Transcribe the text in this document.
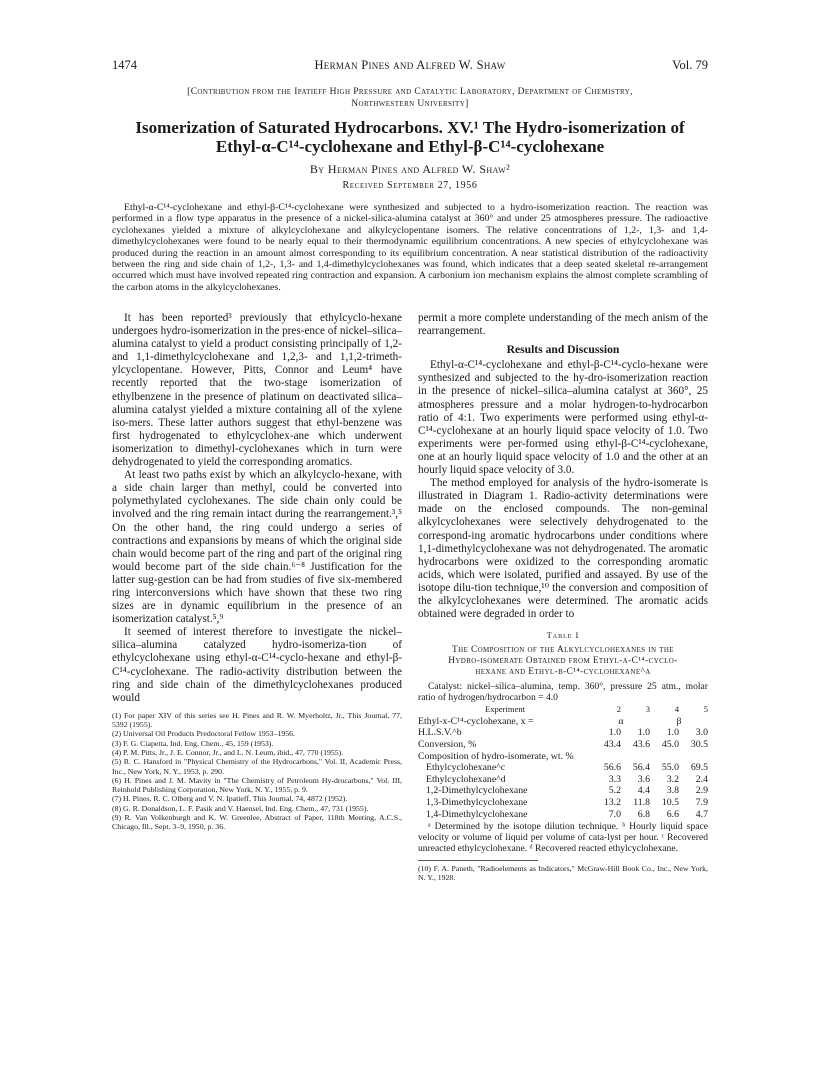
1474	Herman Pines and Alfred W. Shaw	Vol. 79
[Contribution from the Ipatieff High Pressure and Catalytic Laboratory, Department of Chemistry,
Northwestern University]
Isomerization of Saturated Hydrocarbons. XV.¹ The Hydro-isomerization of
Ethyl-α-C¹⁴-cyclohexane and Ethyl-β-C¹⁴-cyclohexane
By Herman Pines and Alfred W. Shaw²
Received September 27, 1956
Ethyl-α-C¹⁴-cyclohexane and ethyl-β-C¹⁴-cyclohexane were synthesized and subjected to a hydro-isomerization reaction. The reaction was performed in a flow type apparatus in the presence of a nickel-silica-alumina catalyst at 360° and under 25 atmospheres pressure. The radioactive cyclohexanes yielded a mixture of alkylcyclohexane and alkylcyclopentane isomers. The relative concentrations of 1,2-, 1,3- and 1,4-dimethylcyclohexanes were found to be nearly equal to their thermodynamic equilibrium concentrations. A new species of ethylcyclohexane was produced during the reaction in an amount almost corresponding to its equilibrium concentration. A near statistical distribution of the radioactivity between the ring and side chain of 1,2-, 1,3- and 1,4-dimethylcyclohexanes was found, which indicates that a deep seated skeletal re-arrangement occurred which must have involved repeated ring contraction and expansion. A carbonium ion mechanism explains the almost complete scrambling of the carbon atoms in the alkylcyclohexanes.

It has been reported³ previously that ethylcyclo-hexane undergoes hydro-isomerization in the pres-ence of nickel–silica–alumina catalyst to yield a product consisting principally of 1,2- and 1,1-dimethylcyclohexane and 1,2,3- and 1,1,2-trimeth-ylcyclopentane. However, Pitts, Connor and Leum⁴ have recently reported that the two-stage isomerization of ethylbenzene in the presence of platinum on deactivated silica–alumina catalyst yielded a mixture containing all of the xylene iso-mers. These latter authors suggest that ethyl-benzene was first hydrogenated to ethylcyclohex-ane which underwent isomerization to dimethyl-cyclohexanes which in turn were dehydrogenated to yield the corresponding aromatics.

At least two paths exist by which an alkylcyclo-hexane, with a side chain larger than methyl, could be converted into polymethylated cyclohexanes. The side chain only could be involved and the ring remain intact during the rearrangement.³,⁵ On the other hand, the ring could undergo a series of contractions and expansions by means of which the original side chain would become part of the ring and part of the original ring would become part of the side chain.⁶⁻⁸ Justification for the latter sug-gestion can be had from studies of five six-membered ring interconversions which have shown that these two ring sizes are in dynamic equilibrium in the presence of an isomerization catalyst.⁵,⁹

It seemed of interest therefore to investigate the nickel–silica–alumina catalyzed hydro-isomeriza-tion of ethylcyclohexane using ethyl-α-C¹⁴-cyclo-hexane and ethyl-β-C¹⁴-cyclohexane. The radio-activity distribution between the ring and side chain of the dimethylcyclohexanes produced would

(1) For paper XIV of this series see H. Pines and R. W. Myerholtz, Jr., This Journal, 77, 5392 (1955).
(2) Universal Oil Products Predoctoral Fellow 1953–1956.
(3) F. G. Ciapetta, Ind. Eng. Chem., 45, 159 (1953).
(4) P. M. Pitts, Jr., J. E. Connor, Jr., and L. N. Leum, ibid., 47, 770 (1955).
(5) R. C. Hansford in "Physical Chemistry of the Hydrocarbons," Vol. II, Academic Press, Inc., New York, N. Y., 1953, p. 290.
(6) H. Pines and J. M. Mavity in "The Chemistry of Petroleum Hy-drocarbons," Vol. III, Reinhold Publishing Corporation, New York, N. Y., 1955, p. 9.
(7) H. Pines, R. C. Olberg and V. N. Ipatieff, This Journal, 74, 4872 (1952).
(8) G. R. Donaldson, L. F. Pasik and V. Haensel, Ind. Eng. Chem., 47, 731 (1955).
(9) R. Van Volkenburgh and K. W. Greenlee, Abstract of Paper, 118th Meeting, A.C.S., Chicago, Ill., Sept. 3–9, 1950, p. 36.

permit a more complete understanding of the mech anism of the rearrangement.

Results and Discussion

Ethyl-α-C¹⁴-cyclohexane and ethyl-β-C¹⁴-cyclo-hexane were synthesized and subjected to the hy-dro-isomerization reaction in the presence of nickel–silica–alumina catalyst at 360°, 25 atmospheres pressure and a molar hydrogen-to-hydrocarbon ratio of 4:1. Two experiments were performed using ethyl-α-C¹⁴-cyclohexane at an hourly liquid space velocity of 1.0. Two experiments were per-formed using ethyl-β-C¹⁴-cyclohexane, one at an hourly liquid space velocity of 1.0 and the other at an hourly liquid space velocity of 3.0.

The method employed for analysis of the hydro-isomerate is illustrated in Diagram 1. Radio-activity determinations were made on the enclosed compounds. The non-geminal alkylcyclohexanes were selectively dehydrogenated to the correspond-ing aromatic hydrocarbons under conditions where 1,1-dimethylcyclohexane was not dehydrogenated. The aromatic hydrocarbons were oxidized to the corresponding aromatic acids, which were isolated, purified and assayed. By use of the isotope dilu-tion technique,¹⁰ the conversion and composition of the alkylcyclohexanes were determined. The aromatic acids obtained were degraded in order to

Table I
The Composition of the Alkylcyclohexanes in the
Hydro-isomerate Obtained from Ethyl-α-C¹⁴-cyclo-
hexane and Ethyl-β-C¹⁴-cyclohexane^a
Catalyst: nickel–silica–alumina, temp. 360°, pressure 25 atm., molar ratio of hydrogen/hydrocarbon = 4.0
Experiment	2	3	4	5
Ethyl-x-C¹⁴-cyclohexane, x =	α		β	
H.L.S.V.^b	1.0	1.0	1.0	3.0
Conversion, %	43.4	43.6	45.0	30.5
Composition of hydro-isomerate, wt. %				
Ethylcyclohexane^c	56.6	56.4	55.0	69.5
Ethylcyclohexane^d	3.3	3.6	3.2	2.4
1,2-Dimethylcyclohexane	5.2	4.4	3.8	2.9
1,3-Dimethylcyclohexane	13.2	11.8	10.5	7.9
1,4-Dimethylcyclohexane	7.0	6.8	6.6	4.7
ᵃ Determined by the isotope dilution technique. ᵇ Hourly liquid space velocity or volume of liquid per volume of cata-lyst per hour. ᶜ Recovered unreacted ethylcyclohexane. ᵈ Recovered reacted ethylcyclohexane.
(10) F. A. Paneth, "Radioelements as Indicators," McGraw-Hill Book Co., Inc., New York, N. Y., 1928.
